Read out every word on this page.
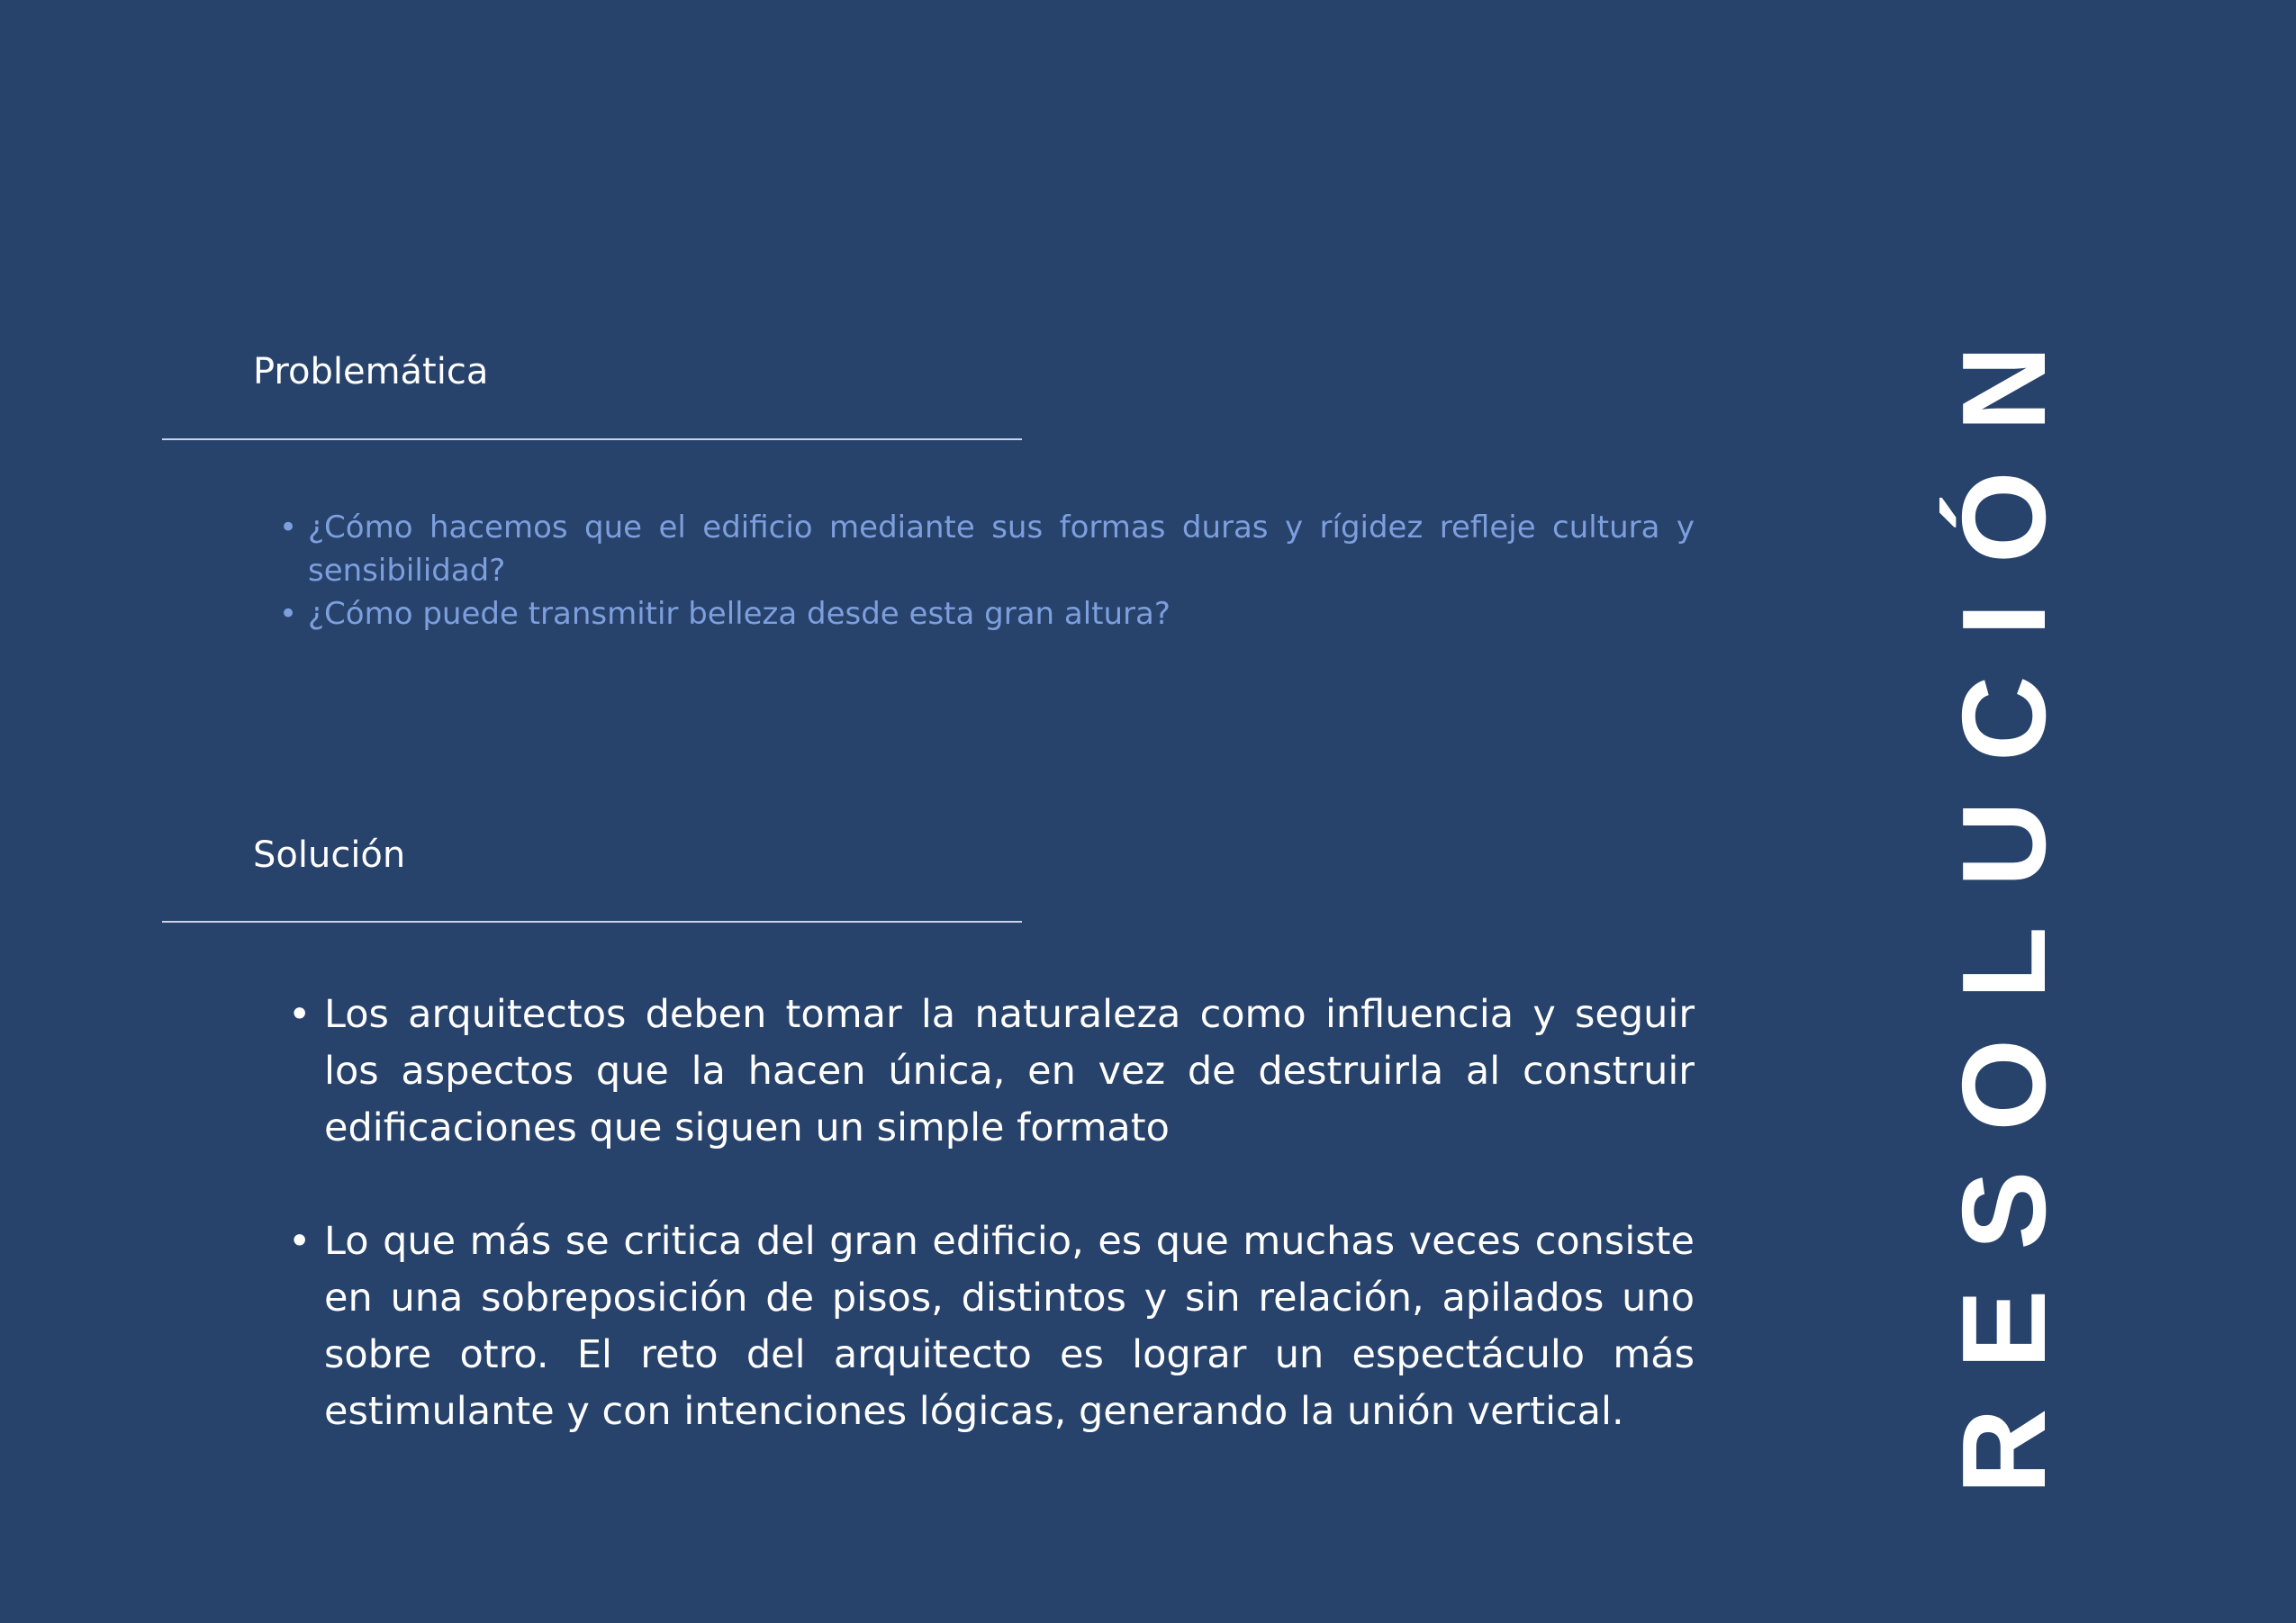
Problemática
• ¿Cómo hacemos que el edificio mediante sus formas duras y rígidez refleje cultura y sensibilidad?
• ¿Cómo puede transmitir belleza desde esta gran altura?
Solución
• Los arquitectos deben tomar la naturaleza como influencia y seguir los aspectos que la hacen única, en vez de destruirla al construir edificaciones que siguen un simple formato
• Lo que más se critica del gran edificio, es que muchas veces consiste en una sobreposición de pisos, distintos y sin relación, apilados uno sobre otro. El reto del arquitecto es lograr un espectáculo más estimulante y con intenciones lógicas, generando la unión vertical.	RESOLUCIÓN
